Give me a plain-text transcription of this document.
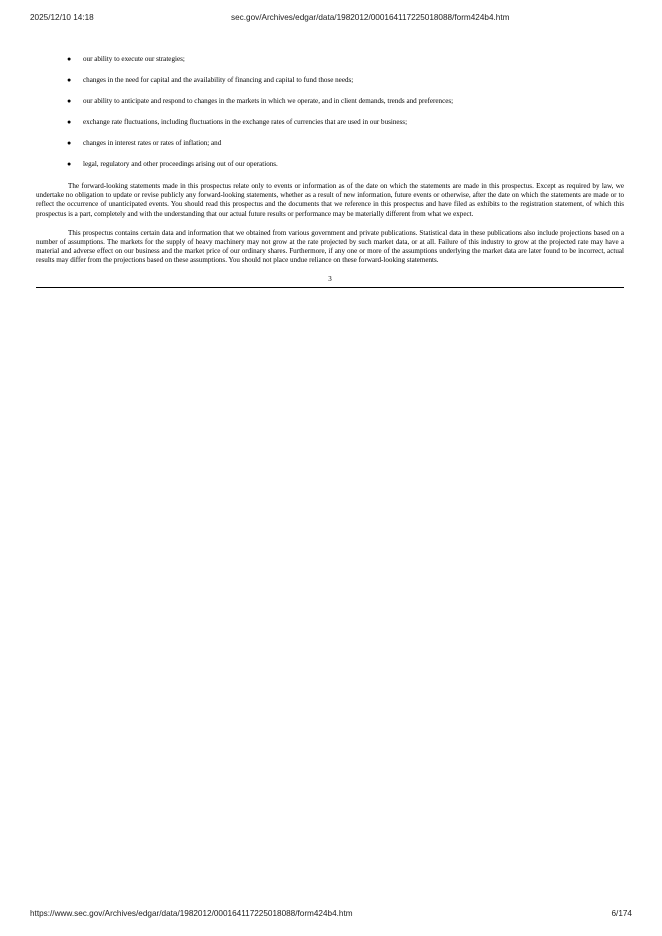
2025/12/10 14:18	sec.gov/Archives/edgar/data/1982012/000164117225018088/form424b4.htm
● our ability to execute our strategies;
● changes in the need for capital and the availability of financing and capital to fund those needs;
● our ability to anticipate and respond to changes in the markets in which we operate, and in client demands, trends and preferences;
● exchange rate fluctuations, including fluctuations in the exchange rates of currencies that are used in our business;
● changes in interest rates or rates of inflation; and
● legal, regulatory and other proceedings arising out of our operations.

The forward-looking statements made in this prospectus relate only to events or information as of the date on which the statements are made in this prospectus. Except as required by law, we undertake no obligation to update or revise publicly any forward-looking statements, whether as a result of new information, future events or otherwise, after the date on which the statements are made or to reflect the occurrence of unanticipated events. You should read this prospectus and the documents that we reference in this prospectus and have filed as exhibits to the registration statement, of which this prospectus is a part, completely and with the understanding that our actual future results or performance may be materially different from what we expect.

This prospectus contains certain data and information that we obtained from various government and private publications. Statistical data in these publications also include projections based on a number of assumptions. The markets for the supply of heavy machinery may not grow at the rate projected by such market data, or at all. Failure of this industry to grow at the projected rate may have a material and adverse effect on our business and the market price of our ordinary shares. Furthermore, if any one or more of the assumptions underlying the market data are later found to be incorrect, actual results may differ from the projections based on these assumptions. You should not place undue reliance on these forward-looking statements.

3
https://www.sec.gov/Archives/edgar/data/1982012/000164117225018088/form424b4.htm	6/174
